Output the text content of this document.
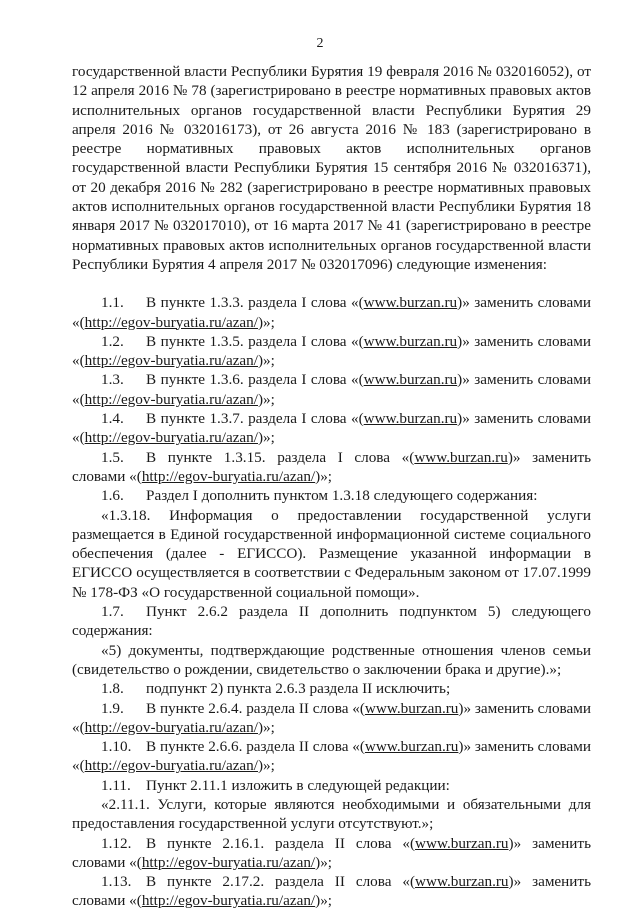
2

государственной власти Республики Бурятия 19 февраля 2016 № 032016052), от 12 апреля 2016 № 78 (зарегистрировано в реестре нормативных правовых актов исполнительных органов государственной власти Республики Бурятия 29 апреля 2016 № 032016173), от 26 августа 2016 № 183 (зарегистрировано в реестре нормативных правовых актов исполнительных органов государственной власти Республики Бурятия 15 сентября 2016 № 032016371), от 20 декабря 2016 № 282 (зарегистрировано в реестре нормативных правовых актов исполнительных органов государственной власти Республики Бурятия 18 января 2017 № 032017010), от 16 марта 2017 № 41 (зарегистрировано в реестре нормативных правовых актов исполнительных органов государственной власти Республики Бурятия 4 апреля 2017 № 032017096) следующие изменения:

1.1. В пункте 1.3.3. раздела I слова «(www.burzan.ru)» заменить словами «(http://egov-buryatia.ru/azan/)»;

1.2. В пункте 1.3.5. раздела I слова «(www.burzan.ru)» заменить словами «(http://egov-buryatia.ru/azan/)»;

1.3. В пункте 1.3.6. раздела I слова «(www.burzan.ru)» заменить словами «(http://egov-buryatia.ru/azan/)»;

1.4. В пункте 1.3.7. раздела I слова «(www.burzan.ru)» заменить словами «(http://egov-buryatia.ru/azan/)»;

1.5. В пункте 1.3.15. раздела I слова «(www.burzan.ru)» заменить словами «(http://egov-buryatia.ru/azan/)»;

1.6. Раздел I дополнить пунктом 1.3.18 следующего содержания:

«1.3.18. Информация о предоставлении государственной услуги размещается в Единой государственной информационной системе социального обеспечения (далее - ЕГИССО). Размещение указанной информации в ЕГИССО осуществляется в соответствии с Федеральным законом от 17.07.1999 № 178-ФЗ «О государственной социальной помощи».

1.7. Пункт 2.6.2 раздела II дополнить подпунктом 5) следующего содержания:

«5) документы, подтверждающие родственные отношения членов семьи (свидетельство о рождении, свидетельство о заключении брака и другие).»;

1.8. подпункт 2) пункта 2.6.3 раздела II исключить;

1.9. В пункте 2.6.4. раздела II слова «(www.burzan.ru)» заменить словами «(http://egov-buryatia.ru/azan/)»;

1.10. В пункте 2.6.6. раздела II слова «(www.burzan.ru)» заменить словами «(http://egov-buryatia.ru/azan/)»;

1.11. Пункт 2.11.1 изложить в следующей редакции:

«2.11.1. Услуги, которые являются необходимыми и обязательными для предоставления государственной услуги отсутствуют.»;

1.12. В пункте 2.16.1. раздела II слова «(www.burzan.ru)» заменить словами «(http://egov-buryatia.ru/azan/)»;

1.13. В пункте 2.17.2. раздела II слова «(www.burzan.ru)» заменить словами «(http://egov-buryatia.ru/azan/)»;
